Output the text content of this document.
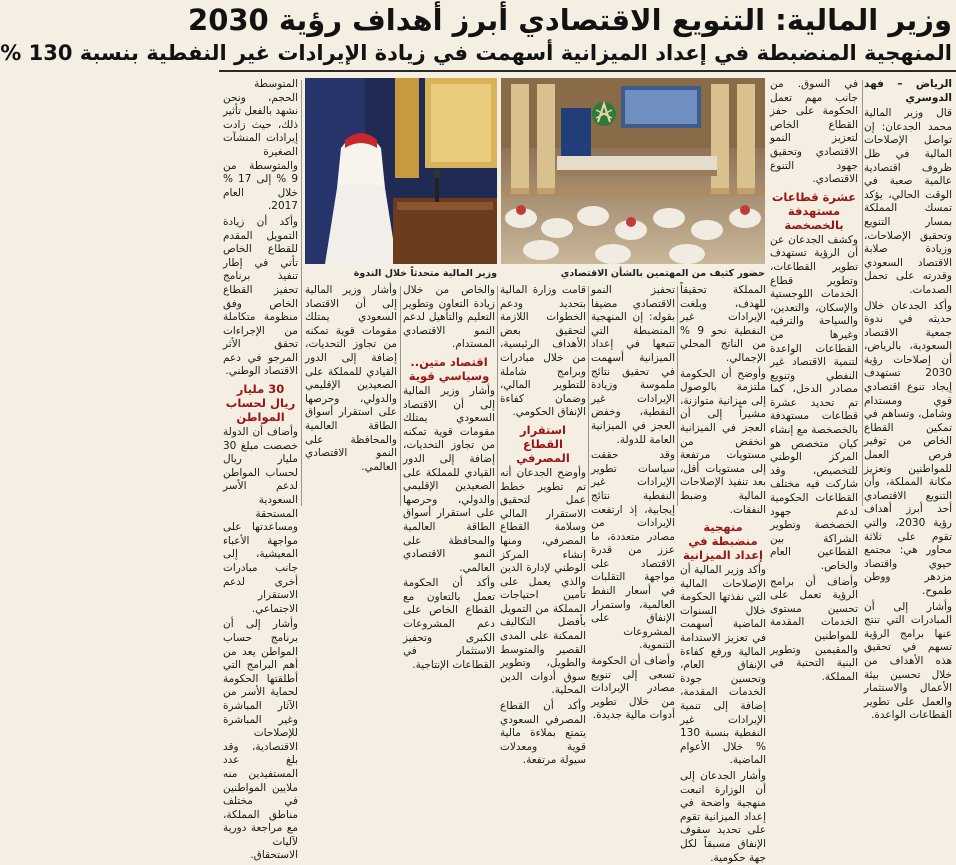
وزير المالية: التنويع الاقتصادي أبرز أهداف رؤية 2030
المنهجية المنضبطة في إعداد الميزانية أسهمت في زيادة الإيرادات غير النفطية بنسبة 130 %

الرياض – فهد الدوسري

قال وزير المالية محمد الجدعان: إن تواصل الإصلاحات المالية في ظل ظروف اقتصادية عالمية صعبة في الوقت الحالي، يؤكد تمسك المملكة بمسار التنويع وتحقيق الإصلاحات، وزيادة صلابة الاقتصاد السعودي وقدرته على تحمل الصدمات.

وأكد الجدعان خلال حديثه في ندوة جمعية الاقتصاد السعودية، بالرياض، أن إصلاحات رؤية 2030 تستهدف إيجاد تنوع اقتصادي قوي ومستدام وشامل، وتساهم في تمكين القطاع الخاص من توفير فرص العمل للمواطنين وتعزيز مكانة المملكة، وأن التنويع الاقتصادي أحد أبرز أهداف رؤية 2030، والتي تقوم على ثلاثة محاور هي: مجتمع حيوي واقتصاد مزدهر ووطن طموح.

وأشار إلى أن المبادرات التي تنتج عنها برامج الرؤية تسهم في تحقيق هذه الأهداف من خلال تحسين بيئة الأعمال والاستثمار والعمل على تطوير القطاعات الواعدة.

في السوق. من جانب مهم تعمل الحكومة على حفز القطاع الخاص لتعزيز النمو الاقتصادي وتحقيق جهود التنوع الاقتصادي.

عشرة قطاعات مستهدفة بالخصخصة

وكشف الجدعان عن أن الرؤية تستهدف تطوير القطاعات، وتطوير قطاع الخدمات اللوجستية والإسكان، والتعدين، والسياحة والترفيه وغيرها من القطاعات الواعدة لتنمية الاقتصاد غير النفطي وتنويع مصادر الدخل، كما تم تحديد عشرة قطاعات مستهدفة بالخصخصة مع إنشاء كيان متخصص هو المركز الوطني للتخصيص، وقد شاركت فيه مختلف القطاعات الحكومية لدعم جهود الخصخصة وتطوير الشراكة بين القطاعين العام والخاص.

وأضاف أن برامج الرؤية تعمل على تحسين مستوى الخدمات المقدمة للمواطنين والمقيمين وتطوير البنية التحتية في المملكة.

حضور كثيف من المهتمين بالشأن الاقتصادي
وزير المالية متحدثاً خلال الندوة

المملكة تحقيقاً للهدف، وبلغت الإيرادات غير النفطية نحو 9 % من الناتج المحلي الإجمالي.

وأوضح أن الحكومة ملتزمة بالوصول إلى ميزانية متوازنة، مشيراً إلى أن العجز في الميزانية انخفض من مستويات مرتفعة إلى مستويات أقل، بعد تنفيذ الإصلاحات المالية وضبط النفقات.

منهجية منضبطة في إعداد الميزانية

وأكد وزير المالية أن الإصلاحات المالية التي نفذتها الحكومة خلال السنوات الماضية أسهمت في تعزيز الاستدامة المالية ورفع كفاءة الإنفاق العام، وتحسين جودة الخدمات المقدمة، إضافة إلى تنمية الإيرادات غير النفطية بنسبة 130 % خلال الأعوام الماضية.

وأشار الجدعان إلى أن الوزارة اتبعت منهجية واضحة في إعداد الميزانية تقوم على تحديد سقوف الإنفاق مسبقاً لكل جهة حكومية.

تحفيز النمو الاقتصادي مضيفا بقوله: إن المنهجية المنضبطة التي تتبعها في إعداد الميزانية أسهمت في تحقيق نتائج ملموسة وزيادة الإيرادات غير النفطية، وخفض العجز في الميزانية العامة للدولة.

وقد حققت سياسات تطوير الإيرادات غير النفطية نتائج إيجابية، إذ ارتفعت الإيرادات من مصادر متعددة، ما عزز من قدرة الاقتصاد على مواجهة التقلبات في أسعار النفط العالمية، واستمرار الإنفاق على المشروعات التنموية.

وأضاف أن الحكومة تسعى إلى تنويع مصادر الإيرادات من خلال تطوير أدوات مالية جديدة.

قامت وزارة المالية بتحديد ودعم الخطوات اللازمة لتحقيق بعض الأهداف الرئيسية، من خلال مبادرات وبرامج شاملة للتطوير المالي، وضمان كفاءة الإنفاق الحكومي.

استقرار القطاع المصرفي

وأوضح الجدعان أنه تم تطوير خطط عمل لتحقيق الاستقرار المالي وسلامة القطاع المصرفي، ومنها إنشاء المركز الوطني لإدارة الدين والذي يعمل على تأمين احتياجات المملكة من التمويل بأفضل التكاليف الممكنة على المدى القصير والمتوسط والطويل، وتطوير سوق أدوات الدين المحلية.

وأكد أن القطاع المصرفي السعودي يتمتع بملاءة مالية قوية ومعدلات سيولة مرتفعة.

والخاص من خلال زيادة التعاون وتطوير التعليم والتأهيل لدعم النمو الاقتصادي المستدام.

اقتصاد متين.. وسياسي قوية

وأشار وزير المالية إلى أن الاقتصاد السعودي يمتلك مقومات قوية تمكنه من تجاوز التحديات، إضافة إلى الدور القيادي للمملكة على الصعيدين الإقليمي والدولي، وحرصها على استقرار أسواق الطاقة العالمية والمحافظة على النمو الاقتصادي العالمي.

وأكد أن الحكومة تعمل بالتعاون مع القطاع الخاص على دعم المشروعات الكبرى وتحفيز الاستثمار في القطاعات الإنتاجية.

وأشار وزير المالية إلى أن الاقتصاد السعودي يمتلك مقومات قوية تمكنه من تجاوز التحديات، إضافة إلى الدور القيادي للمملكة على الصعيدين الإقليمي والدولي، وحرصها على استقرار أسواق الطاقة العالمية والمحافظة على النمو الاقتصادي العالمي.

المتوسطة الحجم، ونحن نشهد بالفعل تأثير ذلك، حيث زادت إيرادات المنشآت الصغيرة والمتوسطة من 9 % إلى 17 % خلال العام 2017.

وأكد أن زيادة التمويل المقدم للقطاع الخاص تأتي في إطار تنفيذ برنامج تحفيز القطاع الخاص وفق منظومة متكاملة من الإجراءات تحقق الأثر المرجو في دعم الاقتصاد الوطني.

30 مليار ريال لحساب المواطن

وأضاف أن الدولة خصصت مبلغ 30 مليار ريال لحساب المواطن لدعم الأسر السعودية المستحقة ومساعدتها على مواجهة الأعباء المعيشية، إلى جانب مبادرات أخرى لدعم الاستقرار الاجتماعي.

وأشار إلى أن برنامج حساب المواطن يعد من أهم البرامج التي أطلقتها الحكومة لحماية الأسر من الآثار المباشرة وغير المباشرة للإصلاحات الاقتصادية، وقد بلغ عدد المستفيدين منه ملايين المواطنين في مختلف مناطق المملكة، مع مراجعة دورية لآليات الاستحقاق.
